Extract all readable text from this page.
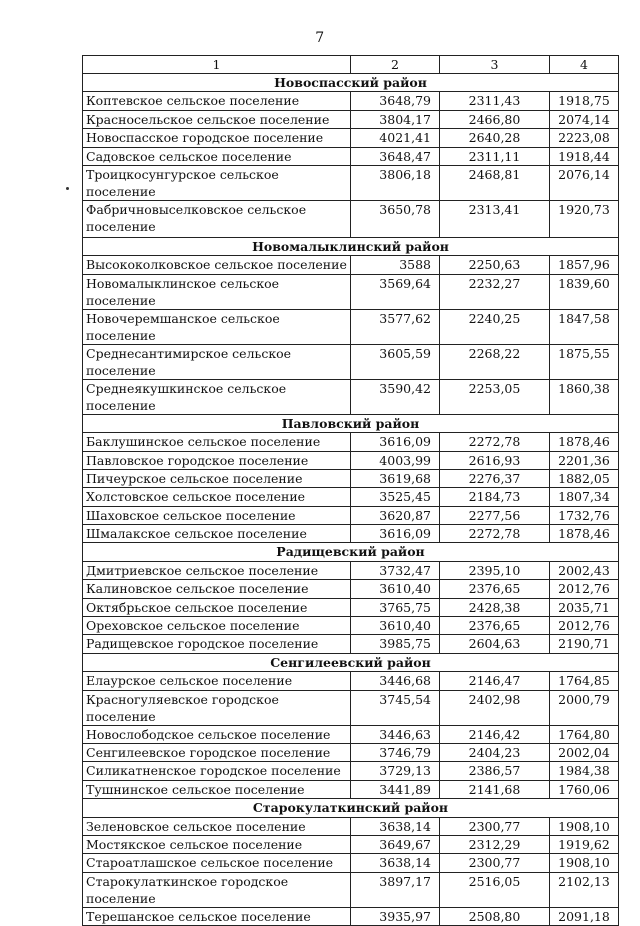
7
1	2	3	4
Новоспасский район			
Коптевское сельское поселение	3648,79	2311,43	1918,75
Красносельское сельское поселение	3804,17	2466,80	2074,14
Новоспасское городское поселение	4021,41	2640,28	2223,08
Садовское сельское поселение	3648,47	2311,11	1918,44
Троицкосунгурское сельское поселение	3806,18	2468,81	2076,14
Фабричновыселковское сельское поселение	3650,78	2313,41	1920,73
Новомалыклинский район			
Высококолковское сельское поселение	3588	2250,63	1857,96
Новомалыклинское сельское поселение	3569,64	2232,27	1839,60
Новочеремшанское сельское поселение	3577,62	2240,25	1847,58
Среднесантимирское сельское поселение	3605,59	2268,22	1875,55
Среднеякушкинское сельское поселение	3590,42	2253,05	1860,38
Павловский район			
Баклушинское сельское поселение	3616,09	2272,78	1878,46
Павловское городское поселение	4003,99	2616,93	2201,36
Пичеурское сельское поселение	3619,68	2276,37	1882,05
Холстовское сельское поселение	3525,45	2184,73	1807,34
Шаховское сельское поселение	3620,87	2277,56	1732,76
Шмалакское сельское поселение	3616,09	2272,78	1878,46
Радищевский район			
Дмитриевское сельское поселение	3732,47	2395,10	2002,43
Калиновское сельское поселение	3610,40	2376,65	2012,76
Октябрьское сельское поселение	3765,75	2428,38	2035,71
Ореховское сельское поселение	3610,40	2376,65	2012,76
Радищевское городское поселение	3985,75	2604,63	2190,71
Сенгилеевский район			
Елаурское сельское поселение	3446,68	2146,47	1764,85
Красногуляевское городское поселение	3745,54	2402,98	2000,79
Новослободское сельское поселение	3446,63	2146,42	1764,80
Сенгилеевское городское поселение	3746,79	2404,23	2002,04
Силикатненское городское поселение	3729,13	2386,57	1984,38
Тушнинское сельское поселение	3441,89	2141,68	1760,06
Старокулаткинский район			
Зеленовское сельское поселение	3638,14	2300,77	1908,10
Мостякское сельское поселение	3649,67	2312,29	1919,62
Староатлашское сельское поселение	3638,14	2300,77	1908,10
Старокулаткинское городское поселение	3897,17	2516,05	2102,13
Терешанское сельское поселение	3935,97	2508,80	2091,18
